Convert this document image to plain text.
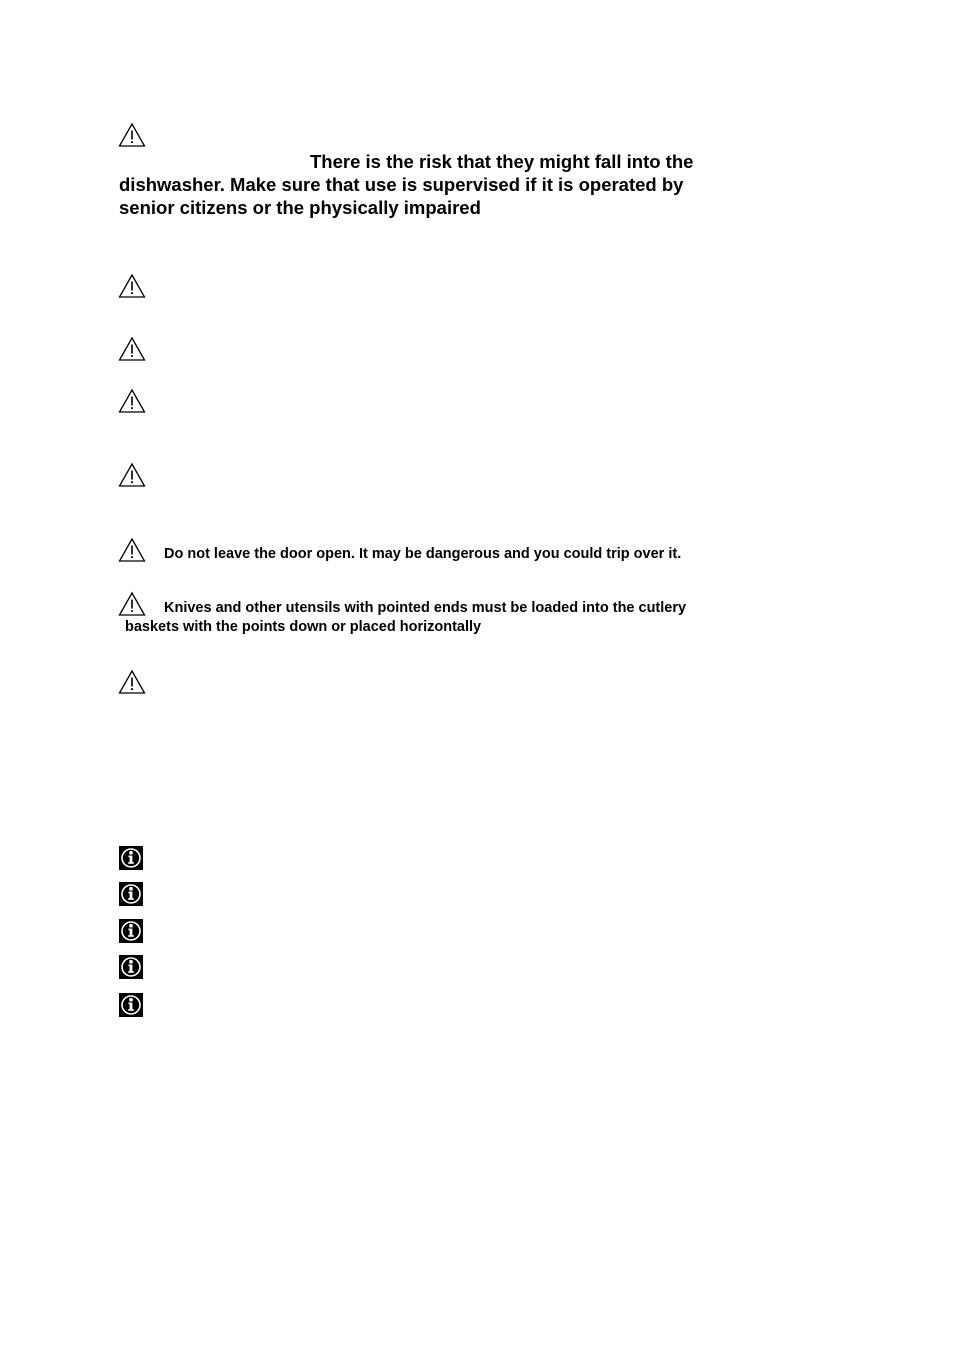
There is the risk that they might fall into the
dishwasher. Make sure that use is supervised if it is operated by
senior citizens or the physically impaired
Do not leave the door open. It may be dangerous and you could trip over it.
Knives and other utensils with pointed ends must be loaded into the cutlery
baskets with the points down or placed horizontally
